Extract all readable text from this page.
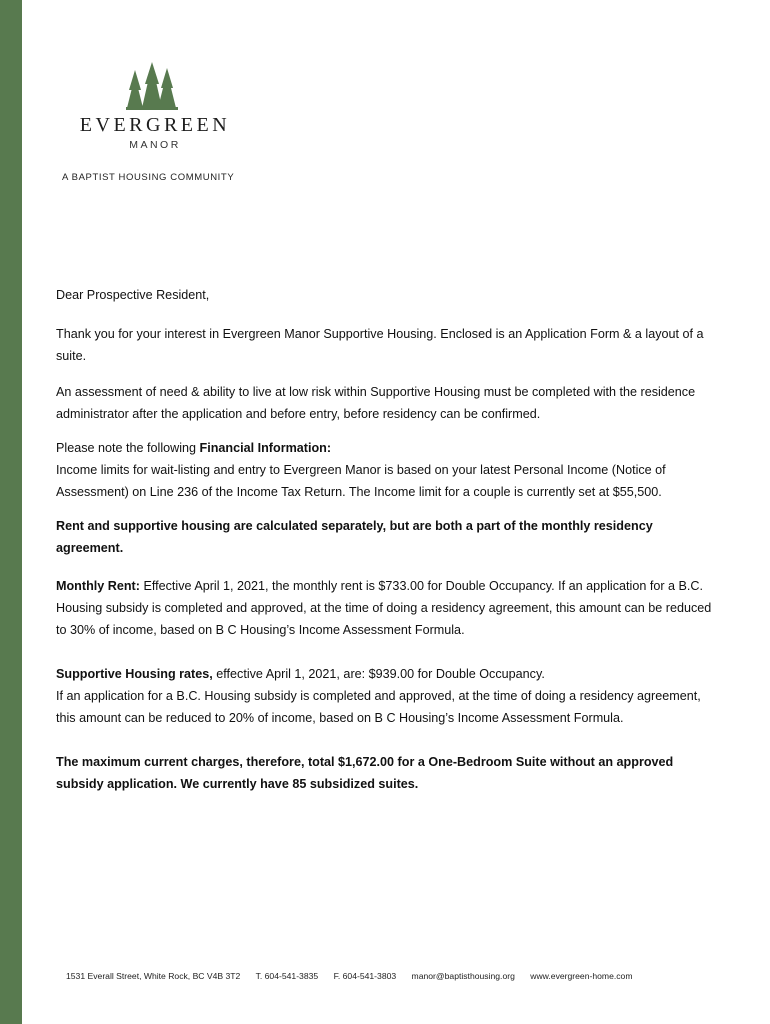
EVERGREEN
MANOR
A BAPTIST HOUSING COMMUNITY

Dear Prospective Resident,

Thank you for your interest in Evergreen Manor Supportive Housing. Enclosed is an Application Form & a layout of a suite.

An assessment of need & ability to live at low risk within Supportive Housing must be completed with the residence administrator after the application and before entry, before residency can be confirmed.

Please note the following Financial Information:
Income limits for wait-listing and entry to Evergreen Manor is based on your latest Personal Income (Notice of Assessment) on Line 236 of the Income Tax Return. The Income limit for a couple is currently set at $55,500.

Rent and supportive housing are calculated separately, but are both a part of the monthly residency agreement.

Monthly Rent: Effective April 1, 2021, the monthly rent is $733.00 for Double Occupancy. If an application for a B.C. Housing subsidy is completed and approved, at the time of doing a residency agreement, this amount can be reduced to 30% of income, based on B C Housing’s Income Assessment Formula.

Supportive Housing rates, effective April 1, 2021, are: $939.00 for Double Occupancy.
If an application for a B.C. Housing subsidy is completed and approved, at the time of doing a residency agreement, this amount can be reduced to 20% of income, based on B C Housing’s Income Assessment Formula.

The maximum current charges, therefore, total $1,672.00 for a One-Bedroom Suite without an approved subsidy application. We currently have 85 subsidized suites.

1531 Everall Street, White Rock, BC V4B 3T2 T. 604-541-3835 F. 604-541-3803 manor@baptisthousing.org www.evergreen-home.com
